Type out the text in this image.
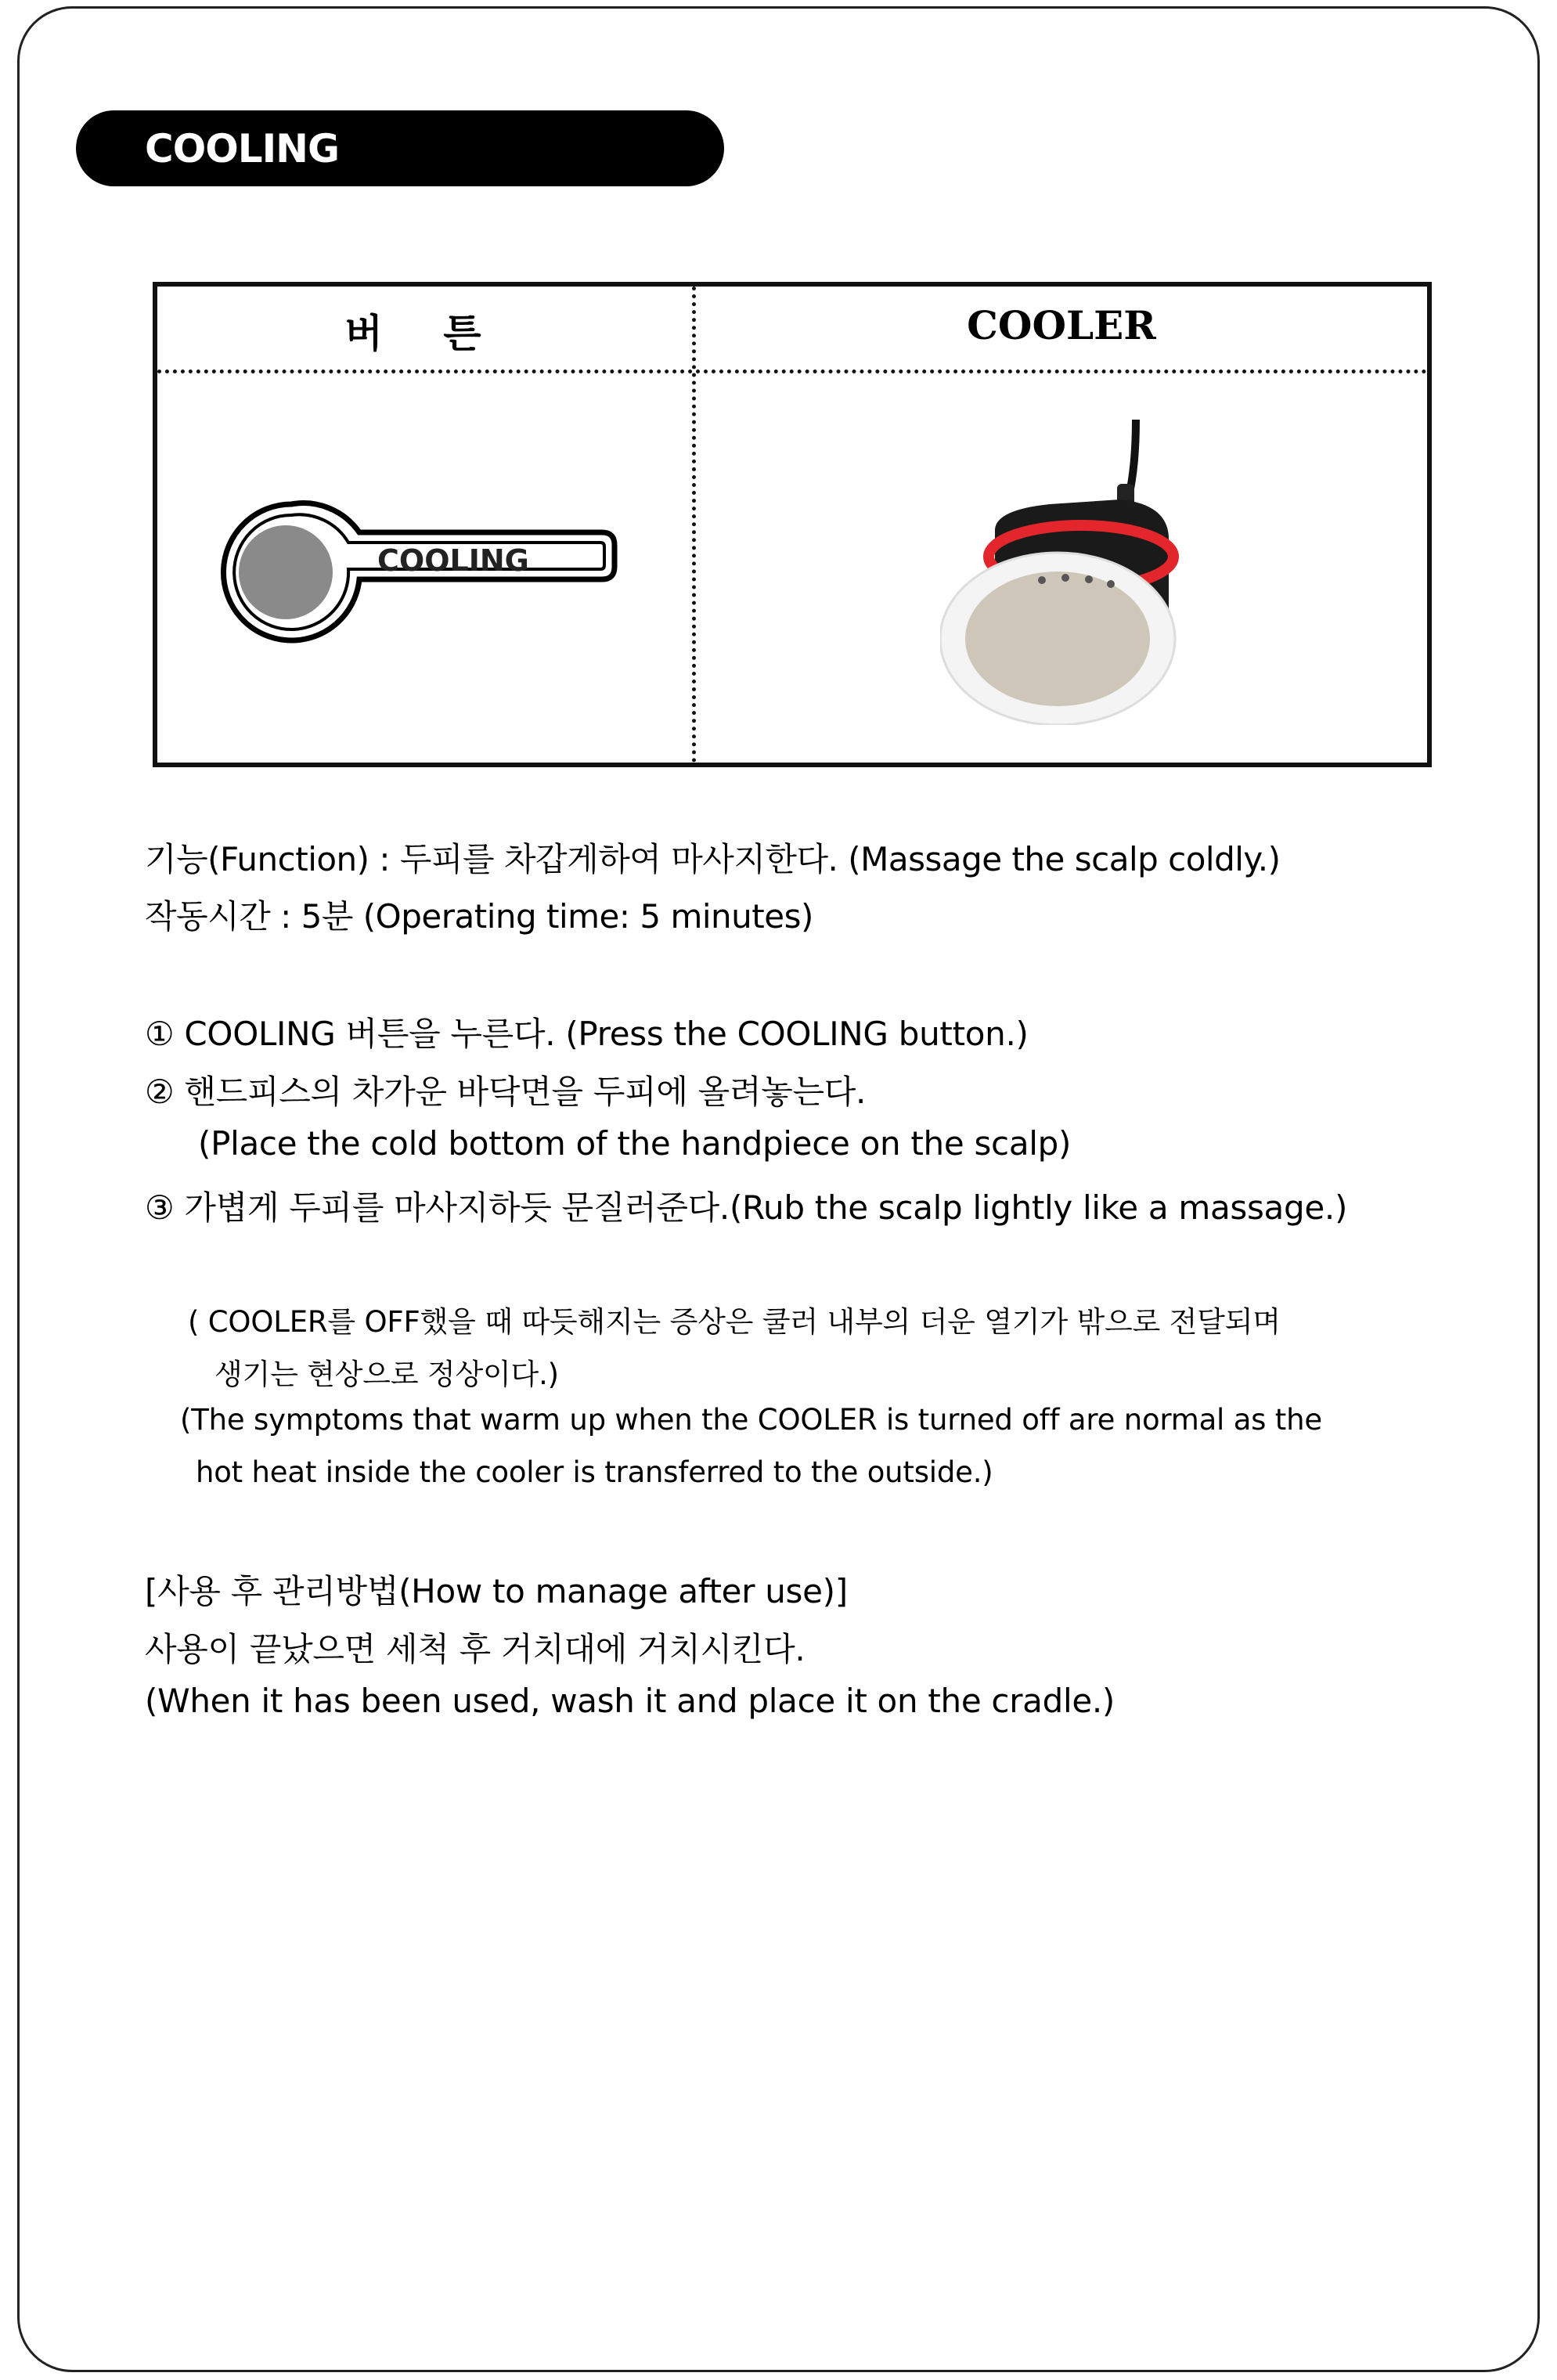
COOLING
버 튼	COOLER
COOLING
기능(Function) : 두피를 차갑게하여 마사지한다. (Massage the scalp coldly.)
작동시간 : 5분 (Operating time: 5 minutes)
① COOLING 버튼을 누른다. (Press the COOLING button.)
② 핸드피스의 차가운 바닥면을 두피에 올려놓는다.
(Place the cold bottom of the handpiece on the scalp)
③ 가볍게 두피를 마사지하듯 문질러준다.(Rub the scalp lightly like a massage.)
( COOLER를 OFF했을 때 따듯해지는 증상은 쿨러 내부의 더운 열기가 밖으로 전달되며
생기는 현상으로 정상이다.)
(The symptoms that warm up when the COOLER is turned off are normal as the
hot heat inside the cooler is transferred to the outside.)
[사용 후 관리방법(How to manage after use)]
사용이 끝났으면 세척 후 거치대에 거치시킨다.
(When it has been used, wash it and place it on the cradle.)
